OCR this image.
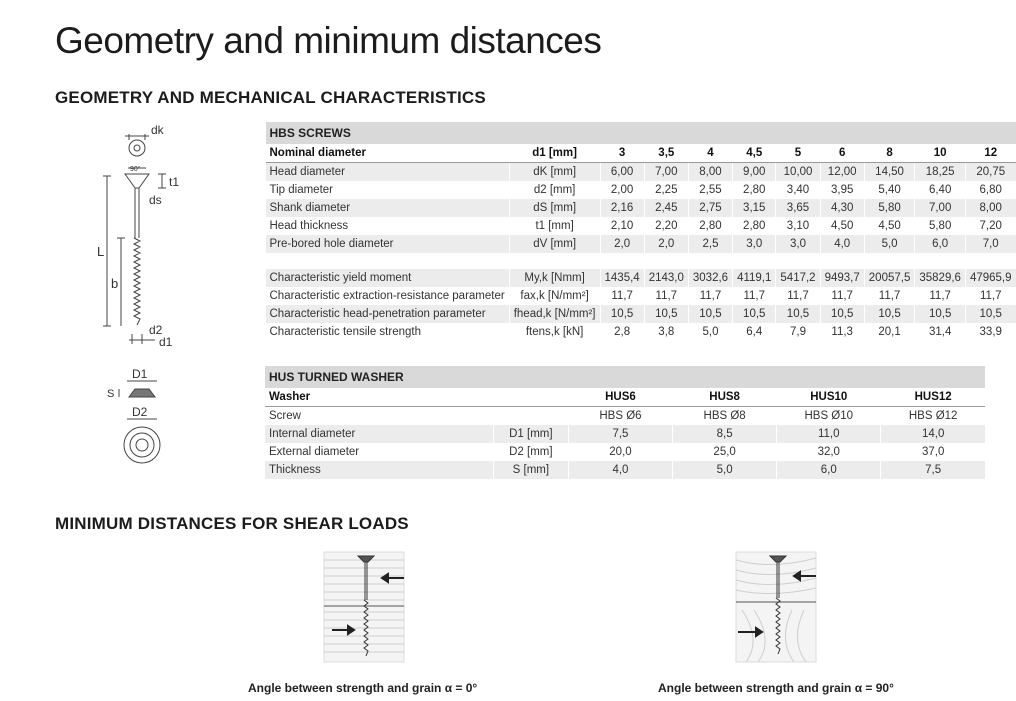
Geometry and minimum distances
GEOMETRY AND MECHANICAL CHARACTERISTICS
MINIMUM DISTANCES FOR SHEAR LOADS
dk
90°
t1
ds
L
b
d2
d1
D1
S
D2
HBS SCREWS										
Nominal diameter	d1 [mm]	3	3,5	4	4,5	5	6	8	10	12
Head diameter	dK [mm]	6,00	7,00	8,00	9,00	10,00	12,00	14,50	18,25	20,75
Tip diameter	d2 [mm]	2,00	2,25	2,55	2,80	3,40	3,95	5,40	6,40	6,80
Shank diameter	dS [mm]	2,16	2,45	2,75	3,15	3,65	4,30	5,80	7,00	8,00
Head thickness	t1 [mm]	2,10	2,20	2,80	2,80	3,10	4,50	4,50	5,80	7,20
Pre-bored hole diameter	dV [mm]	2,0	2,0	2,5	3,0	3,0	4,0	5,0	6,0	7,0

Characteristic yield moment	My,k [Nmm]	1435,4	2143,0	3032,6	4119,1	5417,2	9493,7	20057,5	35829,6	47965,9
Characteristic extraction-resistance parameter	fax,k [N/mm²]	11,7	11,7	11,7	11,7	11,7	11,7	11,7	11,7	11,7
Characteristic head-penetration parameter	fhead,k [N/mm²]	10,5	10,5	10,5	10,5	10,5	10,5	10,5	10,5	10,5
Characteristic tensile strength	ftens,k [kN]	2,8	3,8	5,0	6,4	7,9	11,3	20,1	31,4	33,9
HUS TURNED WASHER					
Washer		HUS6	HUS8	HUS10	HUS12
Screw		HBS Ø6	HBS Ø8	HBS Ø10	HBS Ø12
Internal diameter	D1 [mm]	7,5	8,5	11,0	14,0
External diameter	D2 [mm]	20,0	25,0	32,0	37,0
Thickness	S [mm]	4,0	5,0	6,0	7,5
Angle between strength and grain α = 0°	Angle between strength and grain α = 90°
